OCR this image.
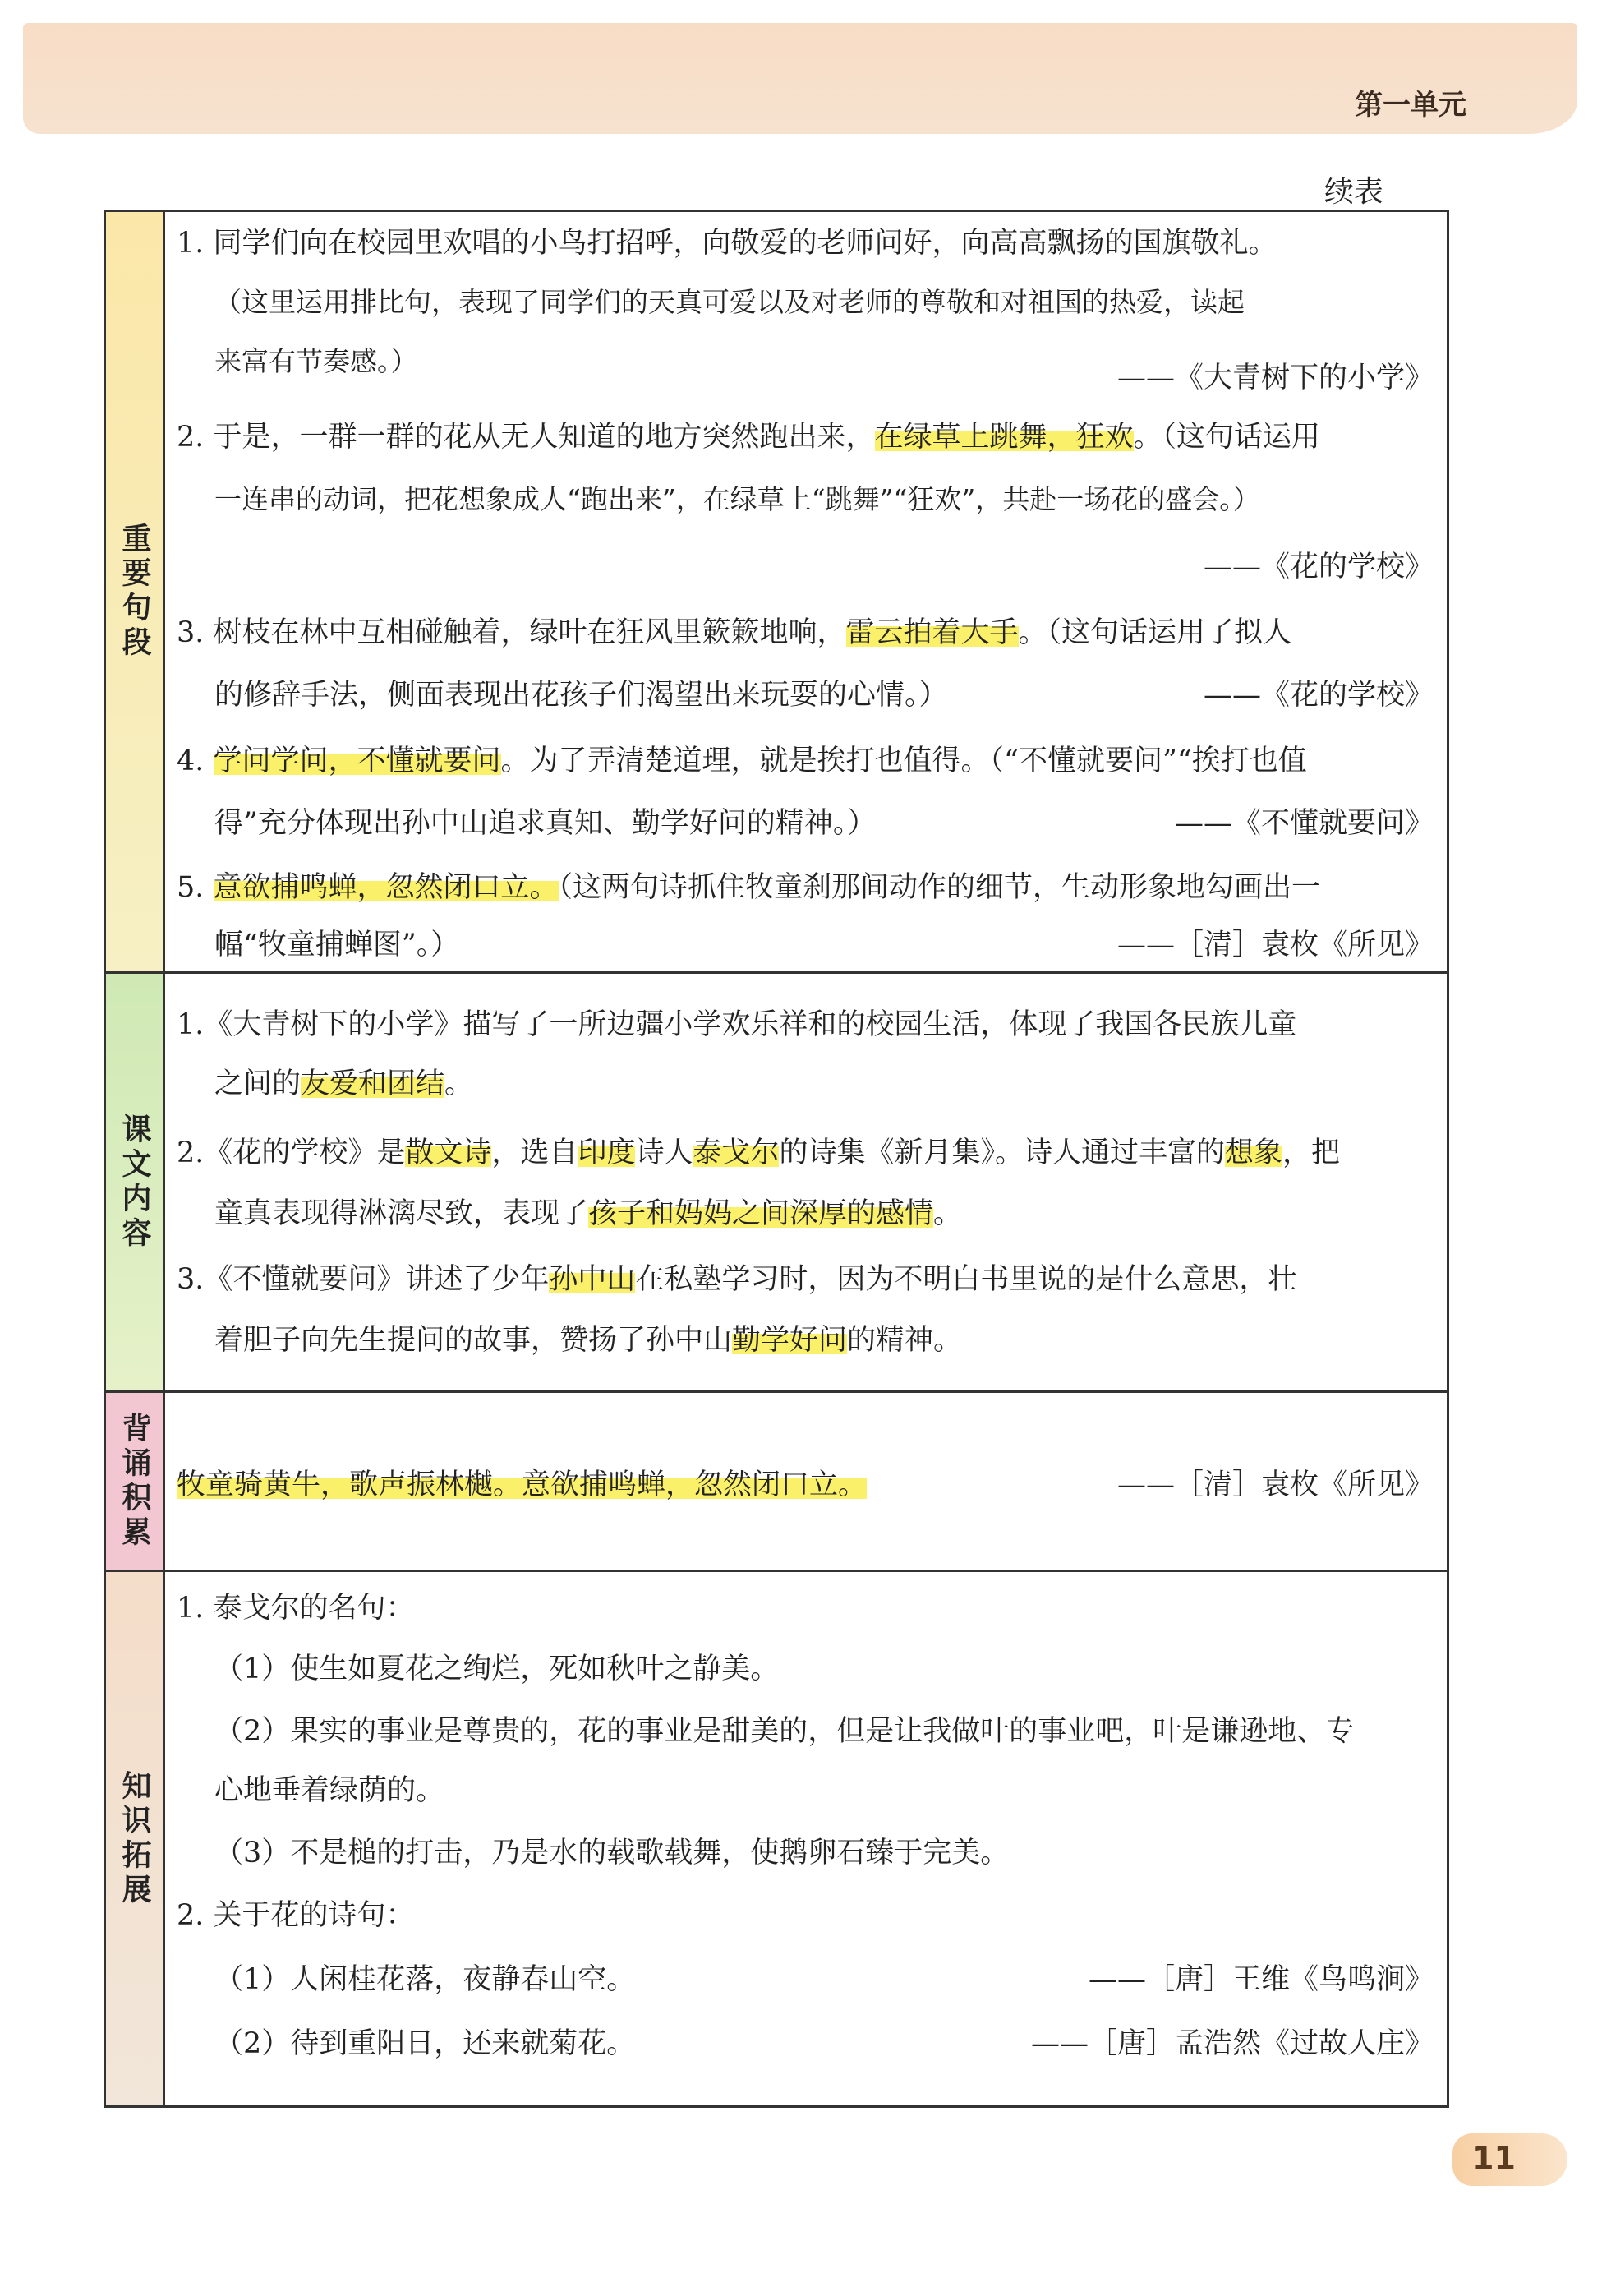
第一单元
续表
重要句段
1. 同学们向在校园里欢唱的小鸟打招呼，向敬爱的老师问好，向高高飘扬的国旗敬礼。
（这里运用排比句，表现了同学们的天真可爱以及对老师的尊敬和对祖国的热爱，读起
来富有节奏感。）
——《大青树下的小学》
2. 于是，一群一群的花从无人知道的地方突然跑出来，在绿草上跳舞，狂欢。（这句话运用
一连串的动词，把花想象成人“跑出来”，在绿草上“跳舞”“狂欢”，共赴一场花的盛会。）
——《花的学校》
3. 树枝在林中互相碰触着，绿叶在狂风里簌簌地响，雷云拍着大手。（这句话运用了拟人
的修辞手法，侧面表现出花孩子们渴望出来玩耍的心情。）	——《花的学校》
4. 学问学问，不懂就要问。为了弄清楚道理，就是挨打也值得。（“不懂就要问”“挨打也值
得”充分体现出孙中山追求真知、勤学好问的精神。）	——《不懂就要问》
5. 意欲捕鸣蝉，忽然闭口立。（这两句诗抓住牧童刹那间动作的细节，生动形象地勾画出一
幅“牧童捕蝉图”。）	——［清］袁枚《所见》
课文内容
1.《大青树下的小学》描写了一所边疆小学欢乐祥和的校园生活，体现了我国各民族儿童
之间的友爱和团结。
2.《花的学校》是散文诗，选自印度诗人泰戈尔的诗集《新月集》。诗人通过丰富的想象，把
童真表现得淋漓尽致，表现了孩子和妈妈之间深厚的感情。
3.《不懂就要问》讲述了少年孙中山在私塾学习时，因为不明白书里说的是什么意思，壮
着胆子向先生提问的故事，赞扬了孙中山勤学好问的精神。
背诵积累 牧童骑黄牛，歌声振林樾。意欲捕鸣蝉，忽然闭口立。	——［清］袁枚《所见》
知识拓展
1. 泰戈尔的名句：
（1）使生如夏花之绚烂，死如秋叶之静美。
（2）果实的事业是尊贵的，花的事业是甜美的，但是让我做叶的事业吧，叶是谦逊地、专
心地垂着绿荫的。
（3）不是槌的打击，乃是水的载歌载舞，使鹅卵石臻于完美。
2. 关于花的诗句：
（1）人闲桂花落，夜静春山空。	——［唐］王维《鸟鸣涧》
（2）待到重阳日，还来就菊花。	——［唐］孟浩然《过故人庄》
11
